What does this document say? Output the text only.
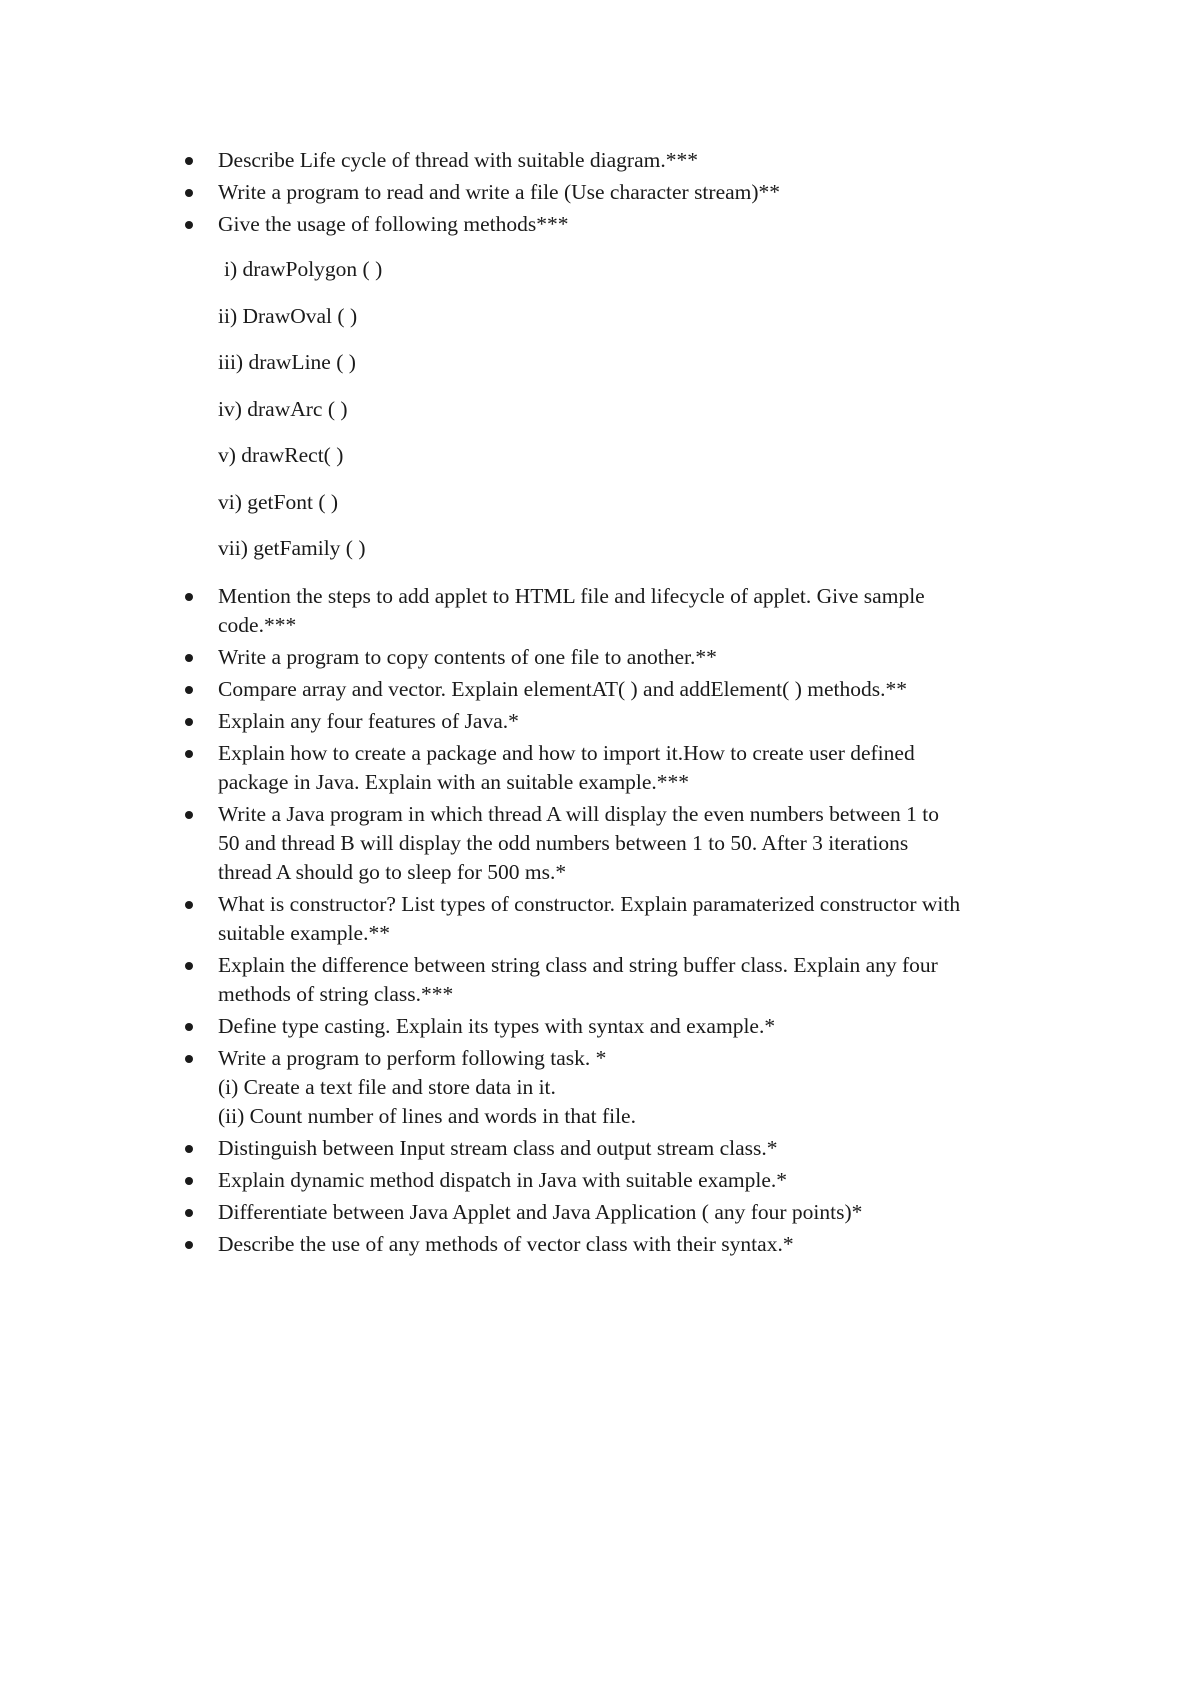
Describe Life cycle of thread with suitable diagram.***
Write a program to read and write a file (Use character stream)**
Give the usage of following methods***
i) drawPolygon ( )
ii) DrawOval ( )
iii) drawLine ( )
iv) drawArc ( )
v) drawRect( )
vi) getFont ( )
vii) getFamily ( )
Mention the steps to add applet to HTML file and lifecycle of applet. Give sample
code.***
Write a program to copy contents of one file to another.**
Compare array and vector. Explain elementAT( ) and addElement( ) methods.**
Explain any four features of Java.*
Explain how to create a package and how to import it.How to create user defined
package in Java. Explain with an suitable example.***
Write a Java program in which thread A will display the even numbers between 1 to
50 and thread B will display the odd numbers between 1 to 50. After 3 iterations
thread A should go to sleep for 500 ms.*
What is constructor? List types of constructor. Explain paramaterized constructor with
suitable example.**
Explain the difference between string class and string buffer class. Explain any four
methods of string class.***
Define type casting. Explain its types with syntax and example.*
Write a program to perform following task. *
(i) Create a text file and store data in it.
(ii) Count number of lines and words in that file.
Distinguish between Input stream class and output stream class.*
Explain dynamic method dispatch in Java with suitable example.*
Differentiate between Java Applet and Java Application ( any four points)*
Describe the use of any methods of vector class with their syntax.*
